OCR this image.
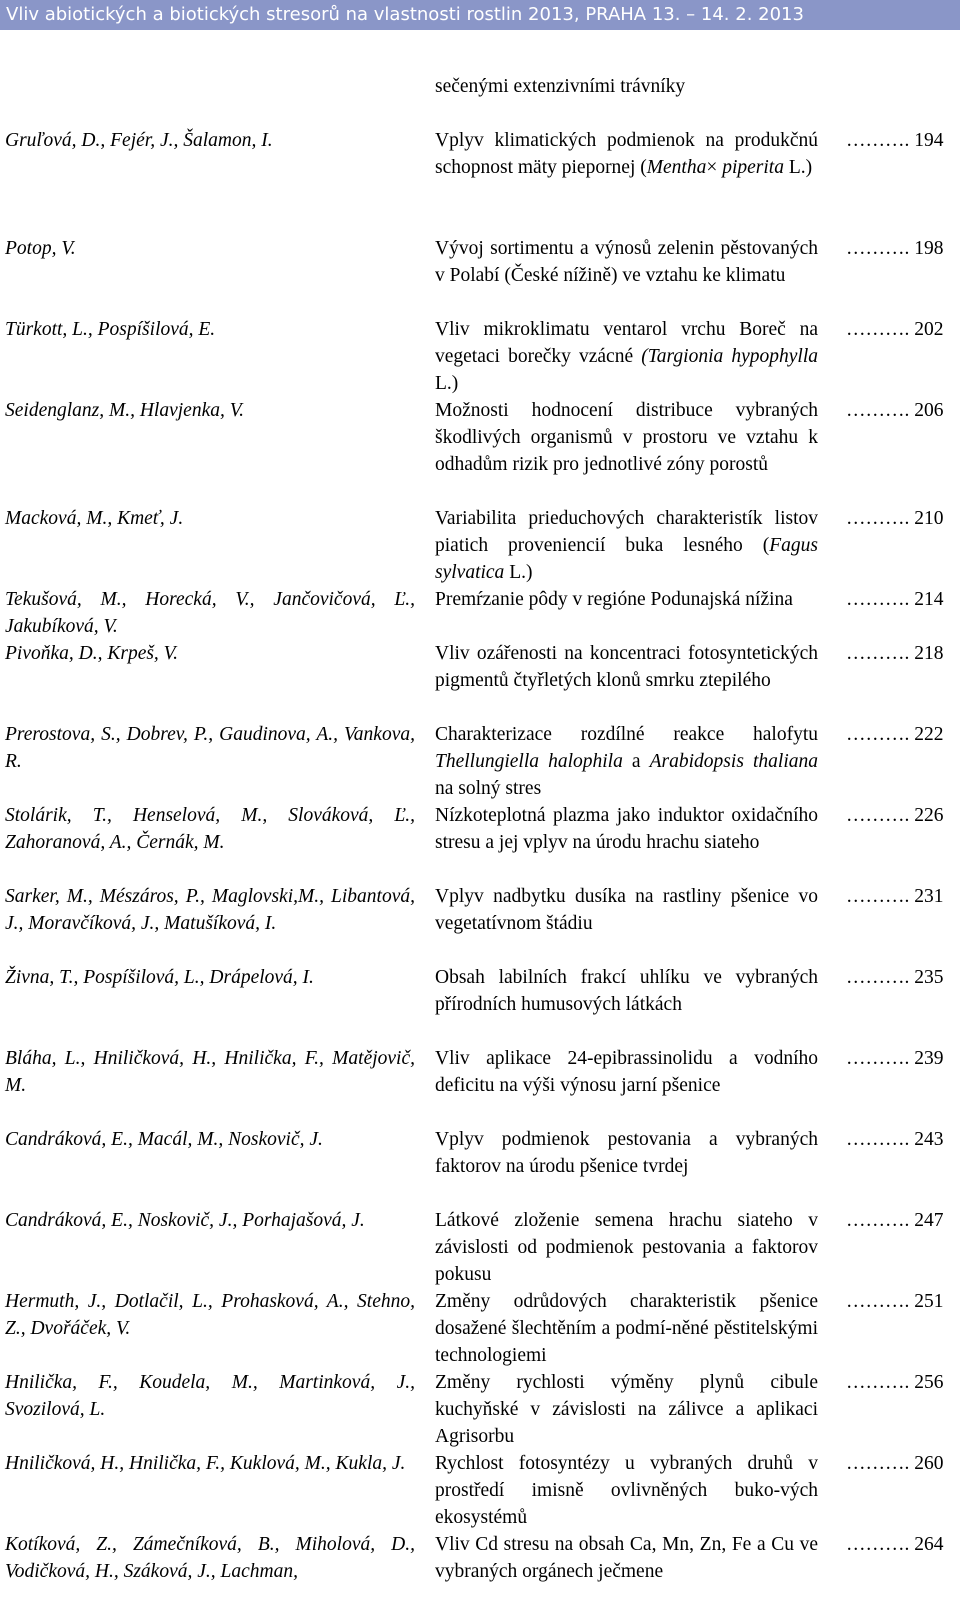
Vliv abiotických a biotických stresorů na vlastnosti rostlin 2013, PRAHA 13. – 14. 2. 2013
sečenými extenzivními trávníky
Gruľová, D., Fejér, J., Šalamon, I.	Vplyv klimatických podmienok na produkčnú schopnost mäty piepornej (Mentha× piperita L.)
………. 194
Potop, V.	Vývoj sortimentu a výnosů zelenin pěstovaných v Polabí (České nížině) ve vztahu ke klimatu
………. 198
Türkott, L., Pospíšilová, E.	Vliv mikroklimatu ventarol vrchu Boreč na vegetaci borečky vzácné (Targionia hypophylla L.)
………. 202
Seidenglanz, M., Hlavjenka, V.	Možnosti hodnocení distribuce vybraných škodlivých organismů v prostoru ve vztahu k odhadům rizik pro jednotlivé zóny porostů
………. 206
Macková, M., Kmeť, J.	Variabilita prieduchových charakteristík listov piatich proveniencií buka lesného (Fagus sylvatica L.)
………. 210
Tekušová, M., Horecká, V., Jančovičová, Ľ., Jakubíková, V.
Premŕzanie pôdy v regióne Podunajská nížina	………. 214
Pivoňka, D., Krpeš, V.	Vliv ozářenosti na koncentraci fotosyntetických pigmentů čtyřletých klonů smrku ztepilého
………. 218
Prerostova, S., Dobrev, P., Gaudinova, A., Vankova, R.
Charakterizace rozdílné reakce halofytu Thellungiella halophila a Arabidopsis thaliana na solný stres
………. 222
Stolárik, T., Henselová, M., Slováková, Ľ., Zahoranová, A., Černák, M.
Nízkoteplotná plazma jako induktor oxidačního stresu a jej vplyv na úrodu hrachu siateho
………. 226
Sarker, M., Mészáros, P., Maglovski,M., Libantová, J., Moravčíková, J., Matušíková, I.
Vplyv nadbytku dusíka na rastliny pšenice vo vegetatívnom štádiu
………. 231
Živna, T., Pospíšilová, L., Drápelová, I.	Obsah labilních frakcí uhlíku ve vybraných přírodních humusových látkách
………. 235
Bláha, L., Hniličková, H., Hnilička, F., Matějovič, M.
Vliv aplikace 24-epibrassinolidu a vodního deficitu na výši výnosu jarní pšenice
………. 239
Candráková, E., Macál, M., Noskovič, J.	Vplyv podmienok pestovania a vybraných faktorov na úrodu pšenice tvrdej
………. 243
Candráková, E., Noskovič, J., Porhajašová, J.	Látkové zloženie semena hrachu siateho v závislosti od podmienok pestovania a faktorov pokusu
………. 247
Hermuth, J., Dotlačil, L., Prohasková, A., Stehno, Z., Dvořáček, V.
Změny odrůdových charakteristik pšenice dosažené šlechtěním a podmí-něné pěstitelskými technologiemi
………. 251
Hnilička, F., Koudela, M., Martinková, J., Svozilová, L.
Změny rychlosti výměny plynů cibule kuchyňské v závislosti na zálivce a aplikaci Agrisorbu
………. 256
Hniličková, H., Hnilička, F., Kuklová, M., Kukla, J.	Rychlost fotosyntézy u vybraných druhů v prostředí imisně ovlivněných buko-vých ekosystémů
………. 260
Kotíková, Z., Zámečníková, B., Miholová, D., Vodičková, H., Száková, J., Lachman,
Vliv Cd stresu na obsah Ca, Mn, Zn, Fe a Cu ve vybraných orgánech ječmene
………. 264
